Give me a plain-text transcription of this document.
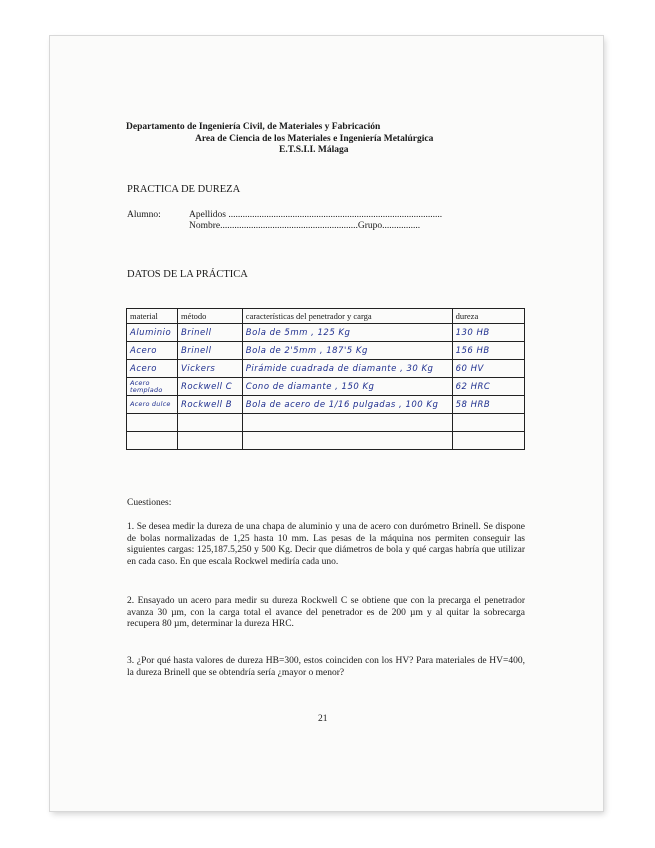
Departamento de Ingeniería Civil, de Materiales y Fabricación
Area de Ciencia de los Materiales e Ingeniería Metalúrgica
E.T.S.I.I. Málaga
PRACTICA DE DUREZA
Alumno:	Apellidos ..........................................................................................
Nombre..........................................................Grupo................
DATOS DE LA PRÁCTICA
material	método	características del penetrador y carga	dureza
Aluminio	Brinell	Bola de 5mm , 125 Kg	130 HB
Acero	Brinell	Bola de 2'5mm , 187'5 Kg	156 HB
Acero	Vickers	Pirámide cuadrada de diamante , 30 Kg	60 HV
Acero templado	Rockwell C	Cono de diamante , 150 Kg	62 HRC
Acero dulce	Rockwell B	Bola de acero de 1/16 pulgadas , 100 Kg	58 HRB

Cuestiones:
1. Se desea medir la dureza de una chapa de aluminio y una de acero con durómetro Brinell. Se dispone de bolas normalizadas de 1,25 hasta 10 mm. Las pesas de la máquina nos permiten conseguir las siguientes cargas: 125,187.5,250 y 500 Kg. Decir que diámetros de bola y qué cargas habría que utilizar en cada caso. En que escala Rockwel mediría cada uno.
2. Ensayado un acero para medir su dureza Rockwell C se obtiene que con la precarga el penetrador avanza 30 µm, con la carga total el avance del penetrador es de 200 µm y al quitar la sobrecarga recupera 80 µm, determinar la dureza HRC.
3. ¿Por qué hasta valores de dureza HB=300, estos coinciden con los HV? Para materiales de HV=400, la dureza Brinell que se obtendría sería ¿mayor o menor?
21
